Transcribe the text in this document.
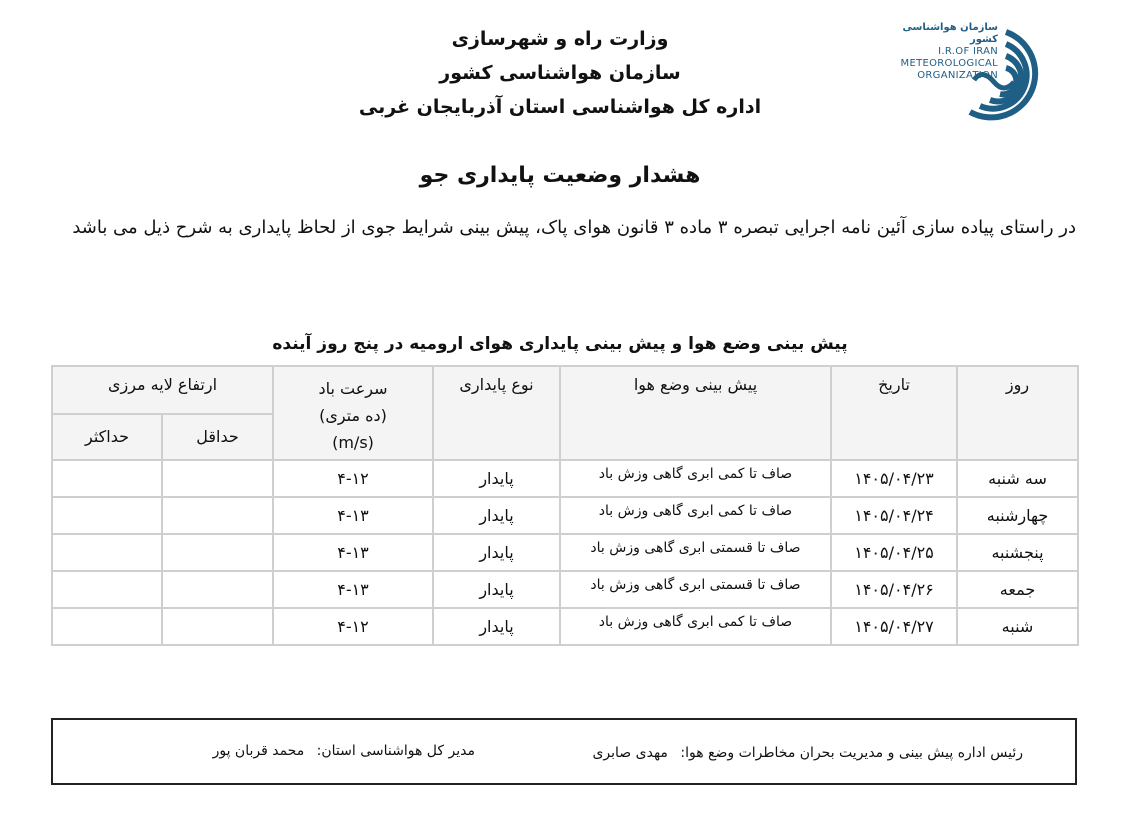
سازمان هواشناسی کشور
I.R.OF IRAN
METEOROLOGICAL
ORGANIZATION
وزارت راه و شهرسازی
سازمان هواشناسی کشور
اداره کل هواشناسی استان آذربایجان غربی
هشدار وضعیت پایداری جو
در راستای پیاده سازی آئین نامه اجرایی تبصره ۳ ماده ۳ قانون هوای پاک، پیش بینی شرایط جوی از لحاظ پایداری به شرح ذیل می باشد
پیش بینی وضع هوا و پیش بینی پایداری هوای ارومیه در پنج روز آینده
روز	تاریخ	پیش بینی وضع هوا	نوع پایداری	سرعت باد
(ده متری)
(m/s)	ارتفاع لایه مرزی	
					حداقل	حداکثر
سه شنبه	۱۴۰۵/۰۴/۲۳	صاف تا کمی ابری گاهی وزش باد	پایدار	۴-۱۲		
چهارشنبه	۱۴۰۵/۰۴/۲۴	صاف تا کمی ابری گاهی وزش باد	پایدار	۴-۱۳		
پنجشنبه	۱۴۰۵/۰۴/۲۵	صاف تا قسمتی ابری گاهی وزش باد	پایدار	۴-۱۳		
جمعه	۱۴۰۵/۰۴/۲۶	صاف تا قسمتی ابری گاهی وزش باد	پایدار	۴-۱۳		
شنبه	۱۴۰۵/۰۴/۲۷	صاف تا کمی ابری گاهی وزش باد	پایدار	۴-۱۲		
رئیس اداره پیش بینی و مدیریت بحران مخاطرات وضع هوا: مهدی صابری
مدیر کل هواشناسی استان: محمد قربان پور
